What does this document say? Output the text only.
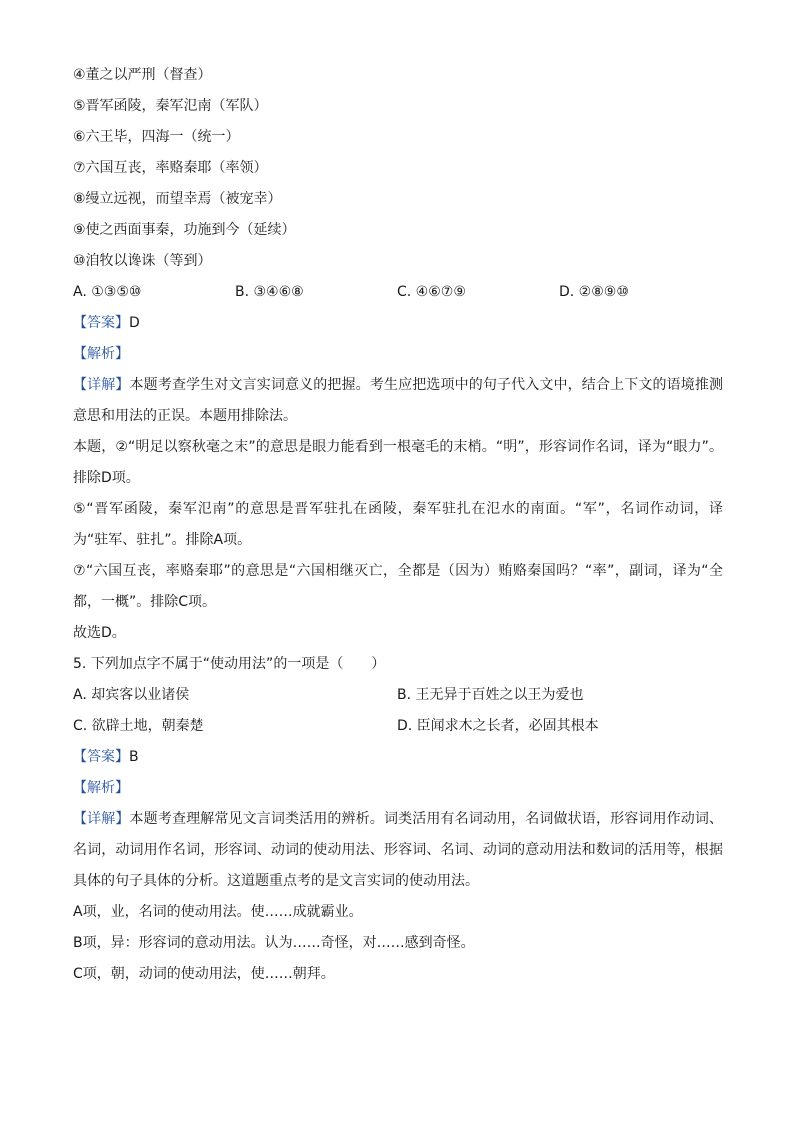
④董之以严刑（督查）
⑤晋军函陵，秦军氾南（军队）
⑥六王毕，四海一（统一）
⑦六国互丧，率赂秦耶（率领）
⑧缦立远视，而望幸焉（被宠幸）
⑨使之西面事秦，功施到今（延续）
⑩洎牧以谗诛（等到）
A. ①③⑤⑩	B. ③④⑥⑧	C. ④⑥⑦⑨	D. ②⑧⑨⑩
【答案】D
【解析】
【详解】本题考查学生对文言实词意义的把握。考生应把选项中的句子代入文中，结合上下文的语境推测意思和用法的正误。本题用排除法。
本题，②“明足以察秋毫之末”的意思是眼力能看到一根毫毛的末梢。“明”，形容词作名词，译为“眼力”。排除D项。
⑤“晋军函陵，秦军氾南”的意思是晋军驻扎在函陵，秦军驻扎在氾水的南面。“军”，名词作动词，译为“驻军、驻扎”。排除A项。
⑦“六国互丧，率赂秦耶”的意思是“六国相继灭亡，全都是（因为）贿赂秦国吗？“率”，副词，译为“全都，一概”。排除C项。
故选D。
5. 下列加点字不属于“使动用法”的一项是（　　）
A. 却宾客以业诸侯	B. 王无异于百姓之以王为爱也
C. 欲辟土地，朝秦楚	D. 臣闻求木之长者，必固其根本
【答案】B
【解析】
【详解】本题考查理解常见文言词类活用的辨析。词类活用有名词动用，名词做状语，形容词用作动词、名词，动词用作名词，形容词、动词的使动用法、形容词、名词、动词的意动用法和数词的活用等，根据具体的句子具体的分析。这道题重点考的是文言实词的使动用法。
A项，业，名词的使动用法。使……成就霸业。
B项，异：形容词的意动用法。认为……奇怪，对……感到奇怪。
C项，朝，动词的使动用法，使……朝拜。
